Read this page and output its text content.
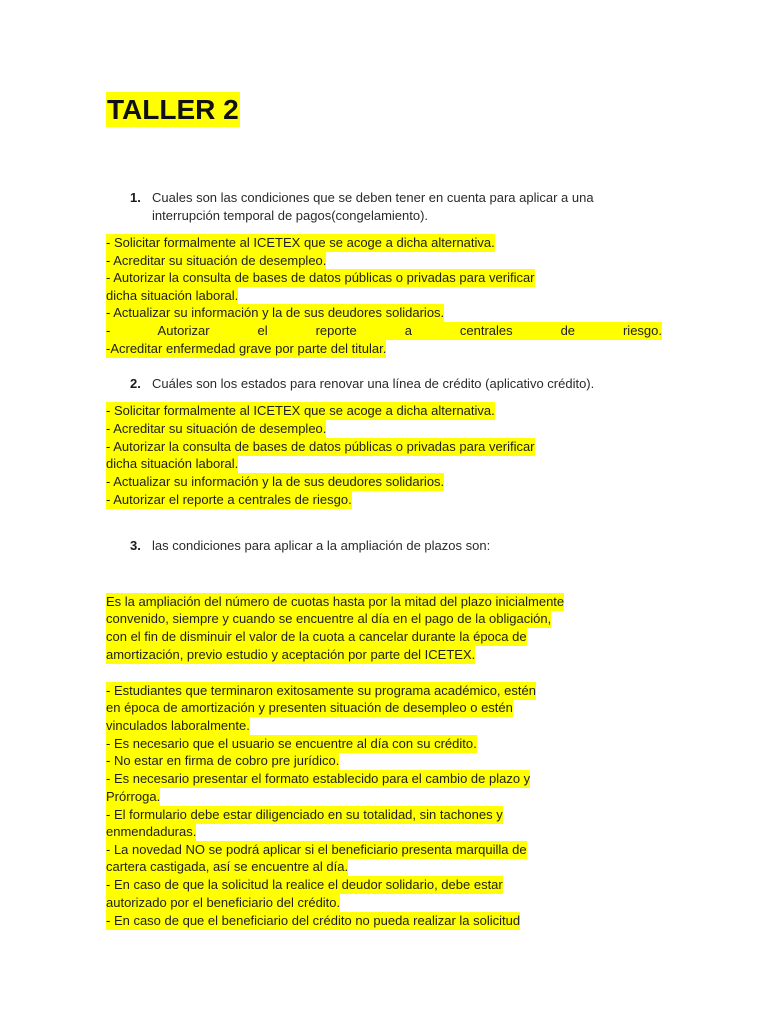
TALLER 2
1. Cuales son las condiciones que se deben tener en cuenta para aplicar a una
interrupción temporal de pagos(congelamiento).
- Solicitar formalmente al ICETEX que se acoge a dicha alternativa.
- Acreditar su situación de desempleo.
- Autorizar la consulta de bases de datos públicas o privadas para verificar
dicha situación laboral.
- Actualizar su información y la de sus deudores solidarios.
- Autorizar el reporte a centrales de riesgo.
-Acreditar enfermedad grave por parte del titular.
2. Cuáles son los estados para renovar una línea de crédito (aplicativo crédito).
- Solicitar formalmente al ICETEX que se acoge a dicha alternativa.
- Acreditar su situación de desempleo.
- Autorizar la consulta de bases de datos públicas o privadas para verificar
dicha situación laboral.
- Actualizar su información y la de sus deudores solidarios.
- Autorizar el reporte a centrales de riesgo.
3. las condiciones para aplicar a la ampliación de plazos son:
Es la ampliación del número de cuotas hasta por la mitad del plazo inicialmente
convenido, siempre y cuando se encuentre al día en el pago de la obligación,
con el fin de disminuir el valor de la cuota a cancelar durante la época de
amortización, previo estudio y aceptación por parte del ICETEX.
- Estudiantes que terminaron exitosamente su programa académico, estén
en época de amortización y presenten situación de desempleo o estén
vinculados laboralmente.
- Es necesario que el usuario se encuentre al día con su crédito.
- No estar en firma de cobro pre jurídico.
- Es necesario presentar el formato establecido para el cambio de plazo y
Prórroga.
- El formulario debe estar diligenciado en su totalidad, sin tachones y
enmendaduras.
- La novedad NO se podrá aplicar si el beneficiario presenta marquilla de
cartera castigada, así se encuentre al día.
- En caso de que la solicitud la realice el deudor solidario, debe estar
autorizado por el beneficiario del crédito.
- En caso de que el beneficiario del crédito no pueda realizar la solicitud
